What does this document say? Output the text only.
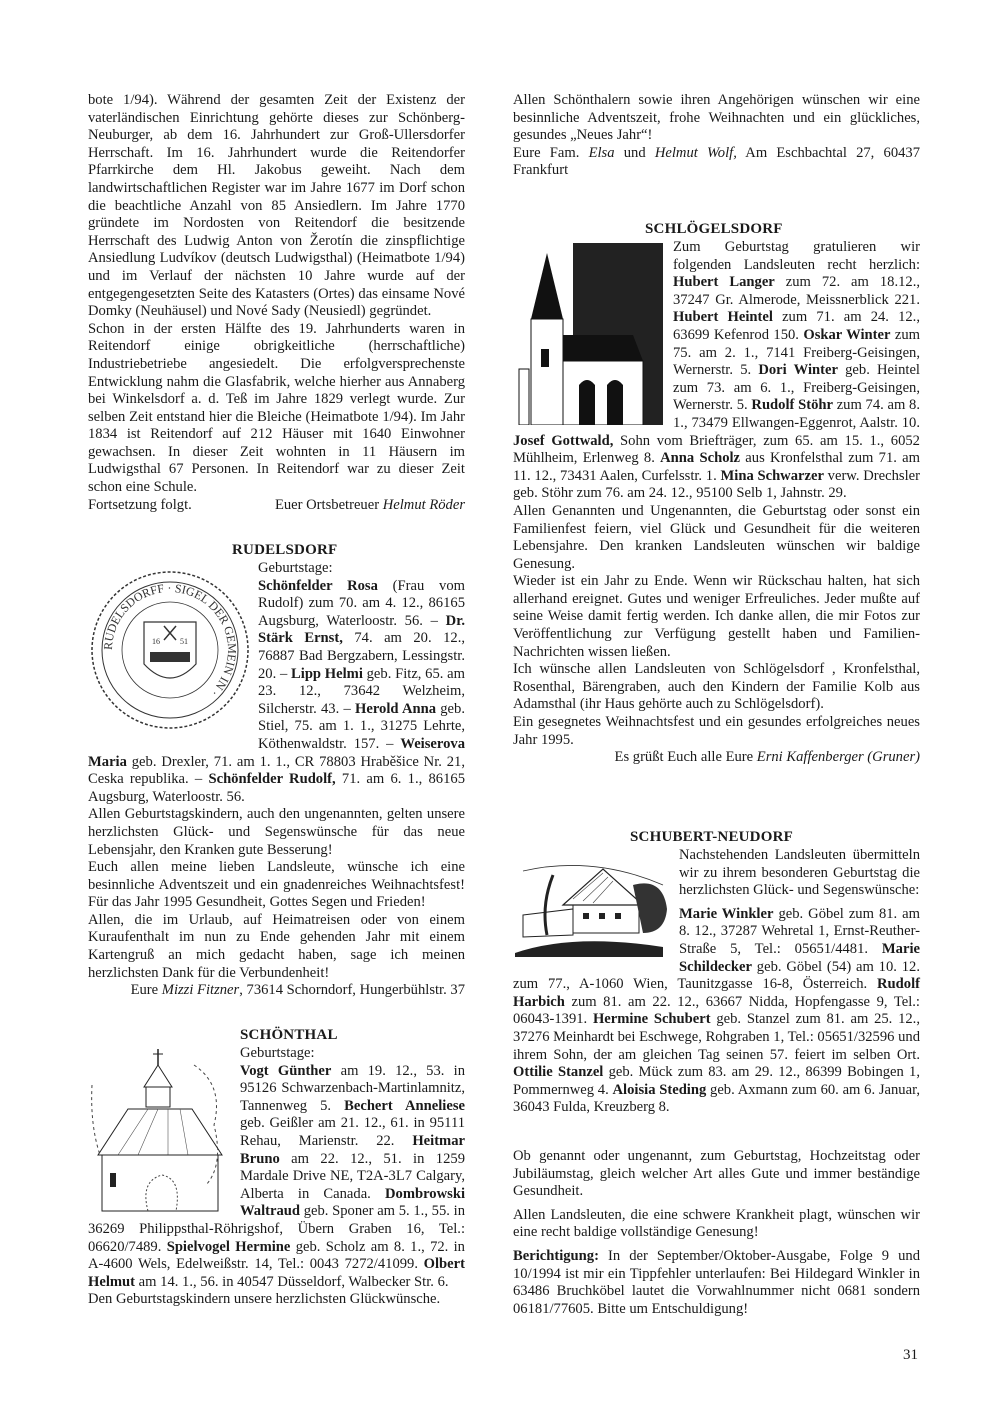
bote 1/94). Während der gesamten Zeit der Existenz der vaterländischen Einrichtung gehörte dieses zur Schönberg-Neuburger, ab dem 16. Jahrhundert zur Groß-Ullersdorfer Herrschaft. Im 16. Jahrhundert wurde die Reitendorfer Pfarrkirche dem Hl. Jakobus geweiht. Nach dem landwirtschaftlichen Register war im Jahre 1677 im Dorf schon die beachtliche Anzahl von 85 Ansiedlern. Im Jahre 1770 gründete im Nordosten von Reitendorf die besitzende Herrschaft des Ludwig Anton von Žerotín die zinspflichtige Ansiedlung Ludvíkov (deutsch Ludwigsthal) (Heimatbote 1/94) und im Verlauf der nächsten 10 Jahre wurde auf der entgegengesetzten Seite des Katasters (Ortes) das einsame Nové Domky (Neuhäusel) und Nové Sady (Neusiedl) gegründet.

Schon in der ersten Hälfte des 19. Jahrhunderts waren in Reitendorf einige obrigkeitliche (herrschaftliche) Industriebetriebe angesiedelt. Die erfolgversprechenste Entwicklung nahm die Glasfabrik, welche hierher aus Annaberg bei Winkelsdorf a. d. Teß im Jahre 1829 verlegt wurde. Zur selben Zeit entstand hier die Bleiche (Heimatbote 1/94). Im Jahr 1834 ist Reitendorf auf 212 Häuser mit 1640 Einwohner gewachsen. In dieser Zeit wohnten in 11 Häusern im Ludwigsthal 67 Personen. In Reitendorf war zu dieser Zeit schon eine Schule.

Fortsetzung folgt.	Euer Ortsbetreuer Helmut Röder
RUDELSDORF
RUDELSDORFF · SIGEL DER GEMEIN IN ·
16	51
Geburtstage:

Schönfelder Rosa (Frau vom Rudolf) zum 70. am 4. 12., 86165 Augsburg, Waterloostr. 56. – Dr. Stärk Ernst, 74. am 20. 12., 76887 Bad Bergzabern, Lessingstr. 20. – Lipp Helmi geb. Fitz, 65. am 23. 12., 73642 Welzheim, Silcherstr. 43. – Herold Anna geb. Stiel, 75. am 1. 1., 31275 Lehrte, Köthenwaldstr. 157. – Weiserova Maria geb. Drexler, 71. am 1. 1., CR 78803 Hraběšice Nr. 21, Ceska republika. – Schönfelder Rudolf, 71. am 6. 1., 86165 Augsburg, Waterloostr. 56.

Allen Geburtstagskindern, auch den ungenannten, gelten unsere herzlichsten Glück- und Segenswünsche für das neue Lebensjahr, den Kranken gute Besserung!

Euch allen meine lieben Landsleute, wünsche ich eine besinnliche Adventszeit und ein gnadenreiches Weihnachtsfest! Für das Jahr 1995 Gesundheit, Gottes Segen und Frieden!

Allen, die im Urlaub, auf Heimatreisen oder von einem Kuraufenthalt im nun zu Ende gehenden Jahr mit einem Kartengruß an mich gedacht haben, sage ich meinen herzlichsten Dank für die Verbundenheit!

Eure Mizzi Fitzner, 73614 Schorndorf, Hungerbühlstr. 37
SCHÖNTHAL
Geburtstage:

Vogt Günther am 19. 12., 53. in 95126 Schwarzenbach-Martinlamnitz, Tannenweg 5. Bechert Anneliese geb. Geißler am 21. 12., 61. in 95111 Rehau, Marienstr. 22. Heitmar Bruno am 22. 12., 51. in 1259 Mardale Drive NE, T2A-3L7 Calgary, Alberta in Canada. Dombrowski Waltraud geb. Sponer am 5. 1., 55. in 36269 Philippsthal-Röhrigshof, Übern Graben 16, Tel.: 06620/7489. Spielvogel Hermine geb. Scholz am 8. 1., 72. in A-4600 Wels, Edelweißstr. 14, Tel.: 0043 7272/41099. Olbert Helmut am 14. 1., 56. in 40547 Düsseldorf, Walbecker Str. 6.

Den Geburtstagskindern unsere herzlichsten Glückwünsche.

Allen Schönthalern sowie ihren Angehörigen wünschen wir eine besinnliche Adventszeit, frohe Weihnachten und ein glückliches, gesundes „Neues Jahr“!

Eure Fam. Elsa und Helmut Wolf, Am Eschbachtal 27, 60437 Frankfurt

SCHLÖGELSDORF

Zum Geburtstag gratulieren wir folgenden Landsleuten recht herzlich: Hubert Langer zum 72. am 18.12., 37247 Gr. Almerode, Meissnerblick 221. Hubert Heintel zum 71. am 24. 12., 63699 Kefenrod 150. Oskar Winter zum 75. am 2. 1., 7141 Freiberg-Geisingen, Wernerstr. 5. Dori Winter geb. Heintel zum 73. am 6. 1., Freiberg-Geisingen, Wernerstr. 5. Rudolf Stöhr zum 74. am 8. 1., 73479 Ellwangen-Eggenrot, Aalstr. 10. Josef Gottwald, Sohn vom Briefträger, zum 65. am 15. 1., 6052 Mühlheim, Erlenweg 8. Anna Scholz aus Kronfelsthal zum 71. am 11. 12., 73431 Aalen, Curfelsstr. 1. Mina Schwarzer verw. Drechsler geb. Stöhr zum 76. am 24. 12., 95100 Selb 1, Jahnstr. 29.

Allen Genannten und Ungenannten, die Geburtstag oder sonst ein Familienfest feiern, viel Glück und Gesundheit für die weiteren Lebensjahre. Den kranken Landsleuten wünschen wir baldige Genesung.

Wieder ist ein Jahr zu Ende. Wenn wir Rückschau halten, hat sich allerhand ereignet. Gutes und weniger Erfreuliches. Jeder mußte auf seine Weise damit fertig werden. Ich danke allen, die mir Fotos zur Veröffentlichung zur Verfügung gestellt haben und Familien-Nachrichten wissen ließen.

Ich wünsche allen Landsleuten von Schlögelsdorf , Kronfelsthal, Rosenthal, Bärengraben, auch den Kindern der Familie Kolb aus Adamsthal (ihr Haus gehörte auch zu Schlögelsdorf).

Ein gesegnetes Weihnachtsfest und ein gesundes erfolgreiches neues Jahr 1995.

Es grüßt Euch alle Eure Erni Kaffenberger (Gruner)
SCHUBERT-NEUDORF

Nachstehenden Landsleuten übermitteln wir zu ihrem besonderen Geburtstag die herzlichsten Glück- und Segenswünsche:

Marie Winkler geb. Göbel zum 81. am 8. 12., 37287 Wehretal 1, Ernst-Reuther-Straße 5, Tel.: 05651/4481. Marie Schildecker geb. Göbel (54) am 10. 12. zum 77., A-1060 Wien, Taunitzgasse 16-8, Österreich. Rudolf Harbich zum 81. am 22. 12., 63667 Nidda, Hopfengasse 9, Tel.: 06043-1391. Hermine Schubert geb. Stanzel zum 81. am 25. 12., 37276 Meinhardt bei Eschwege, Rohgraben 1, Tel.: 05651/32596 und ihrem Sohn, der am gleichen Tag seinen 57. feiert im selben Ort. Ottilie Stanzel geb. Mück zum 83. am 29. 12., 86399 Bobingen 1, Pommernweg 4. Aloisia Steding geb. Axmann zum 60. am 6. Januar, 36043 Fulda, Kreuzberg 8.

Ob genannt oder ungenannt, zum Geburtstag, Hochzeitstag oder Jubiläumstag, gleich welcher Art alles Gute und immer beständige Gesundheit.

Allen Landsleuten, die eine schwere Krankheit plagt, wünschen wir eine recht baldige vollständige Genesung!

Berichtigung: In der September/Oktober-Ausgabe, Folge 9 und 10/1994 ist mir ein Tippfehler unterlaufen: Bei Hildegard Winkler in 63486 Bruchköbel lautet die Vorwahlnummer nicht 0681 sondern 06181/77605. Bitte um Entschuldigung!

31
